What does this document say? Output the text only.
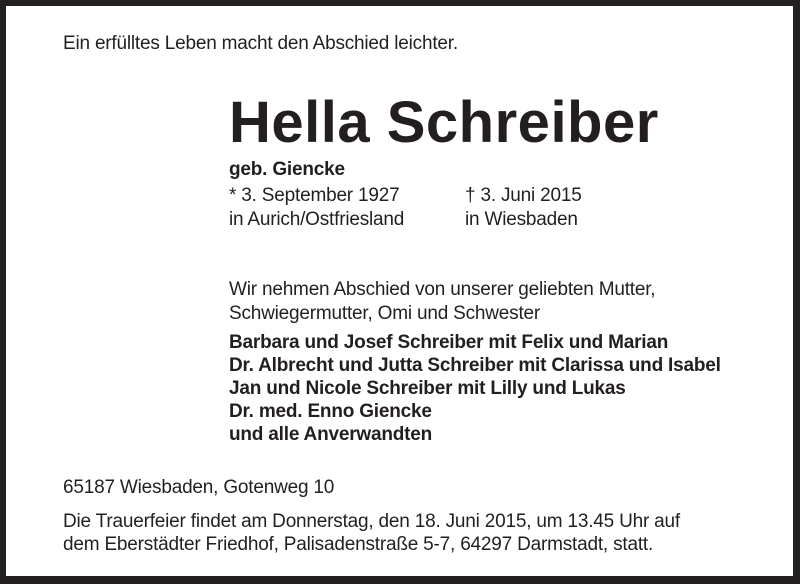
Ein erfülltes Leben macht den Abschied leichter.
Hella Schreiber
geb. Giencke
* 3. September 1927
in Aurich/Ostfriesland
† 3. Juni 2015
in Wiesbaden
Wir nehmen Abschied von unserer geliebten Mutter,
Schwiegermutter, Omi und Schwester
Barbara und Josef Schreiber mit Felix und Marian
Dr. Albrecht und Jutta Schreiber mit Clarissa und Isabel
Jan und Nicole Schreiber mit Lilly und Lukas
Dr. med. Enno Giencke
und alle Anverwandten
65187 Wiesbaden, Gotenweg 10
Die Trauerfeier findet am Donnerstag, den 18. Juni 2015, um 13.45 Uhr auf
dem Eberstädter Friedhof, Palisadenstraße 5-7, 64297 Darmstadt, statt.
